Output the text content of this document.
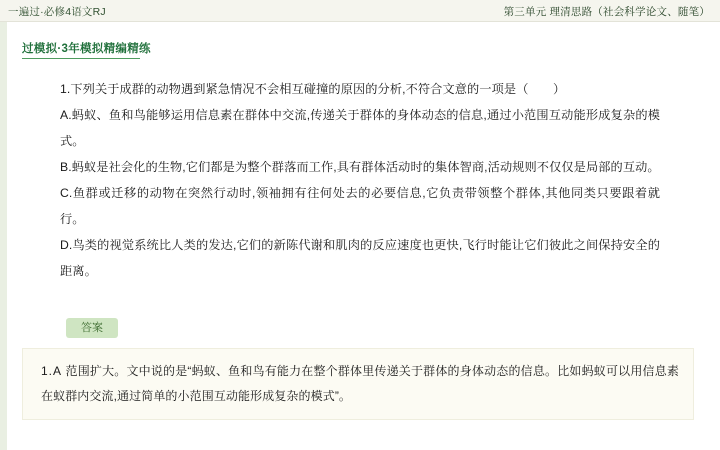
一遍过·必修4语文RJ	第三单元 理清思路（社会科学论文、随笔）
过模拟·3年模拟精编精练
1.下列关于成群的动物遇到紧急情况不会相互碰撞的原因的分析,不符合文意的一项是（　　）
A.蚂蚁、鱼和鸟能够运用信息素在群体中交流,传递关于群体的身体动态的信息,通过小范围互动能形成复杂的模式。
B.蚂蚁是社会化的生物,它们都是为整个群落而工作,具有群体活动时的集体智商,活动规则不仅仅是局部的互动。
C.鱼群或迁移的动物在突然行动时,领袖拥有往何处去的必要信息,它负责带领整个群体,其他同类只要跟着就行。
D.鸟类的视觉系统比人类的发达,它们的新陈代谢和肌肉的反应速度也更快,飞行时能让它们彼此之间保持安全的距离。
答案
1.A 范围扩大。文中说的是“蚂蚁、鱼和鸟有能力在整个群体里传递关于群体的身体动态的信息。比如蚂蚁可以用信息素在蚁群内交流,通过简单的小范围互动能形成复杂的模式”。
